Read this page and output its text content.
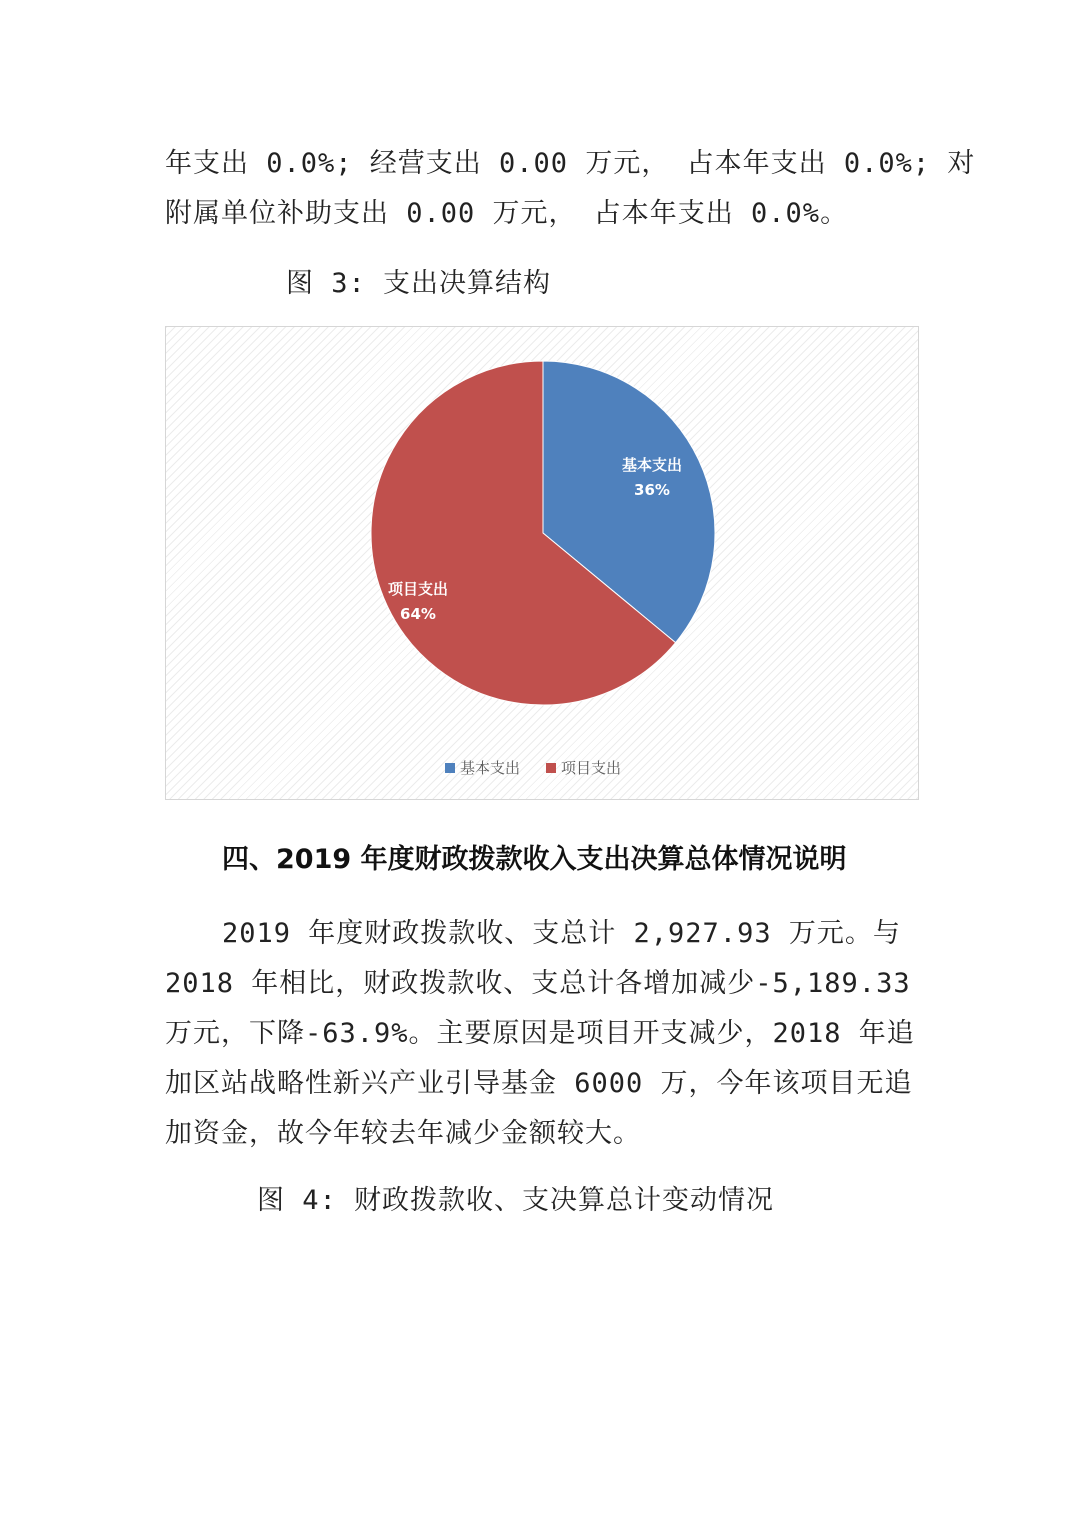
年支出 0.0%; 经营支出 0.00 万元， 占本年支出 0.0%; 对
附属单位补助支出 0.00 万元， 占本年支出 0.0%。
图 3: 支出决算结构
基本支出
36%
项目支出
64%
基本支出	项目支出
四、2019 年度财政拨款收入支出决算总体情况说明
2019 年度财政拨款收、支总计 2,927.93 万元。与
2018 年相比，财政拨款收、支总计各增加减少-5,189.33
万元，下降-63.9%。主要原因是项目开支减少，2018 年追
加区站战略性新兴产业引导基金 6000 万，今年该项目无追
加资金，故今年较去年减少金额较大。
图 4: 财政拨款收、支决算总计变动情况
